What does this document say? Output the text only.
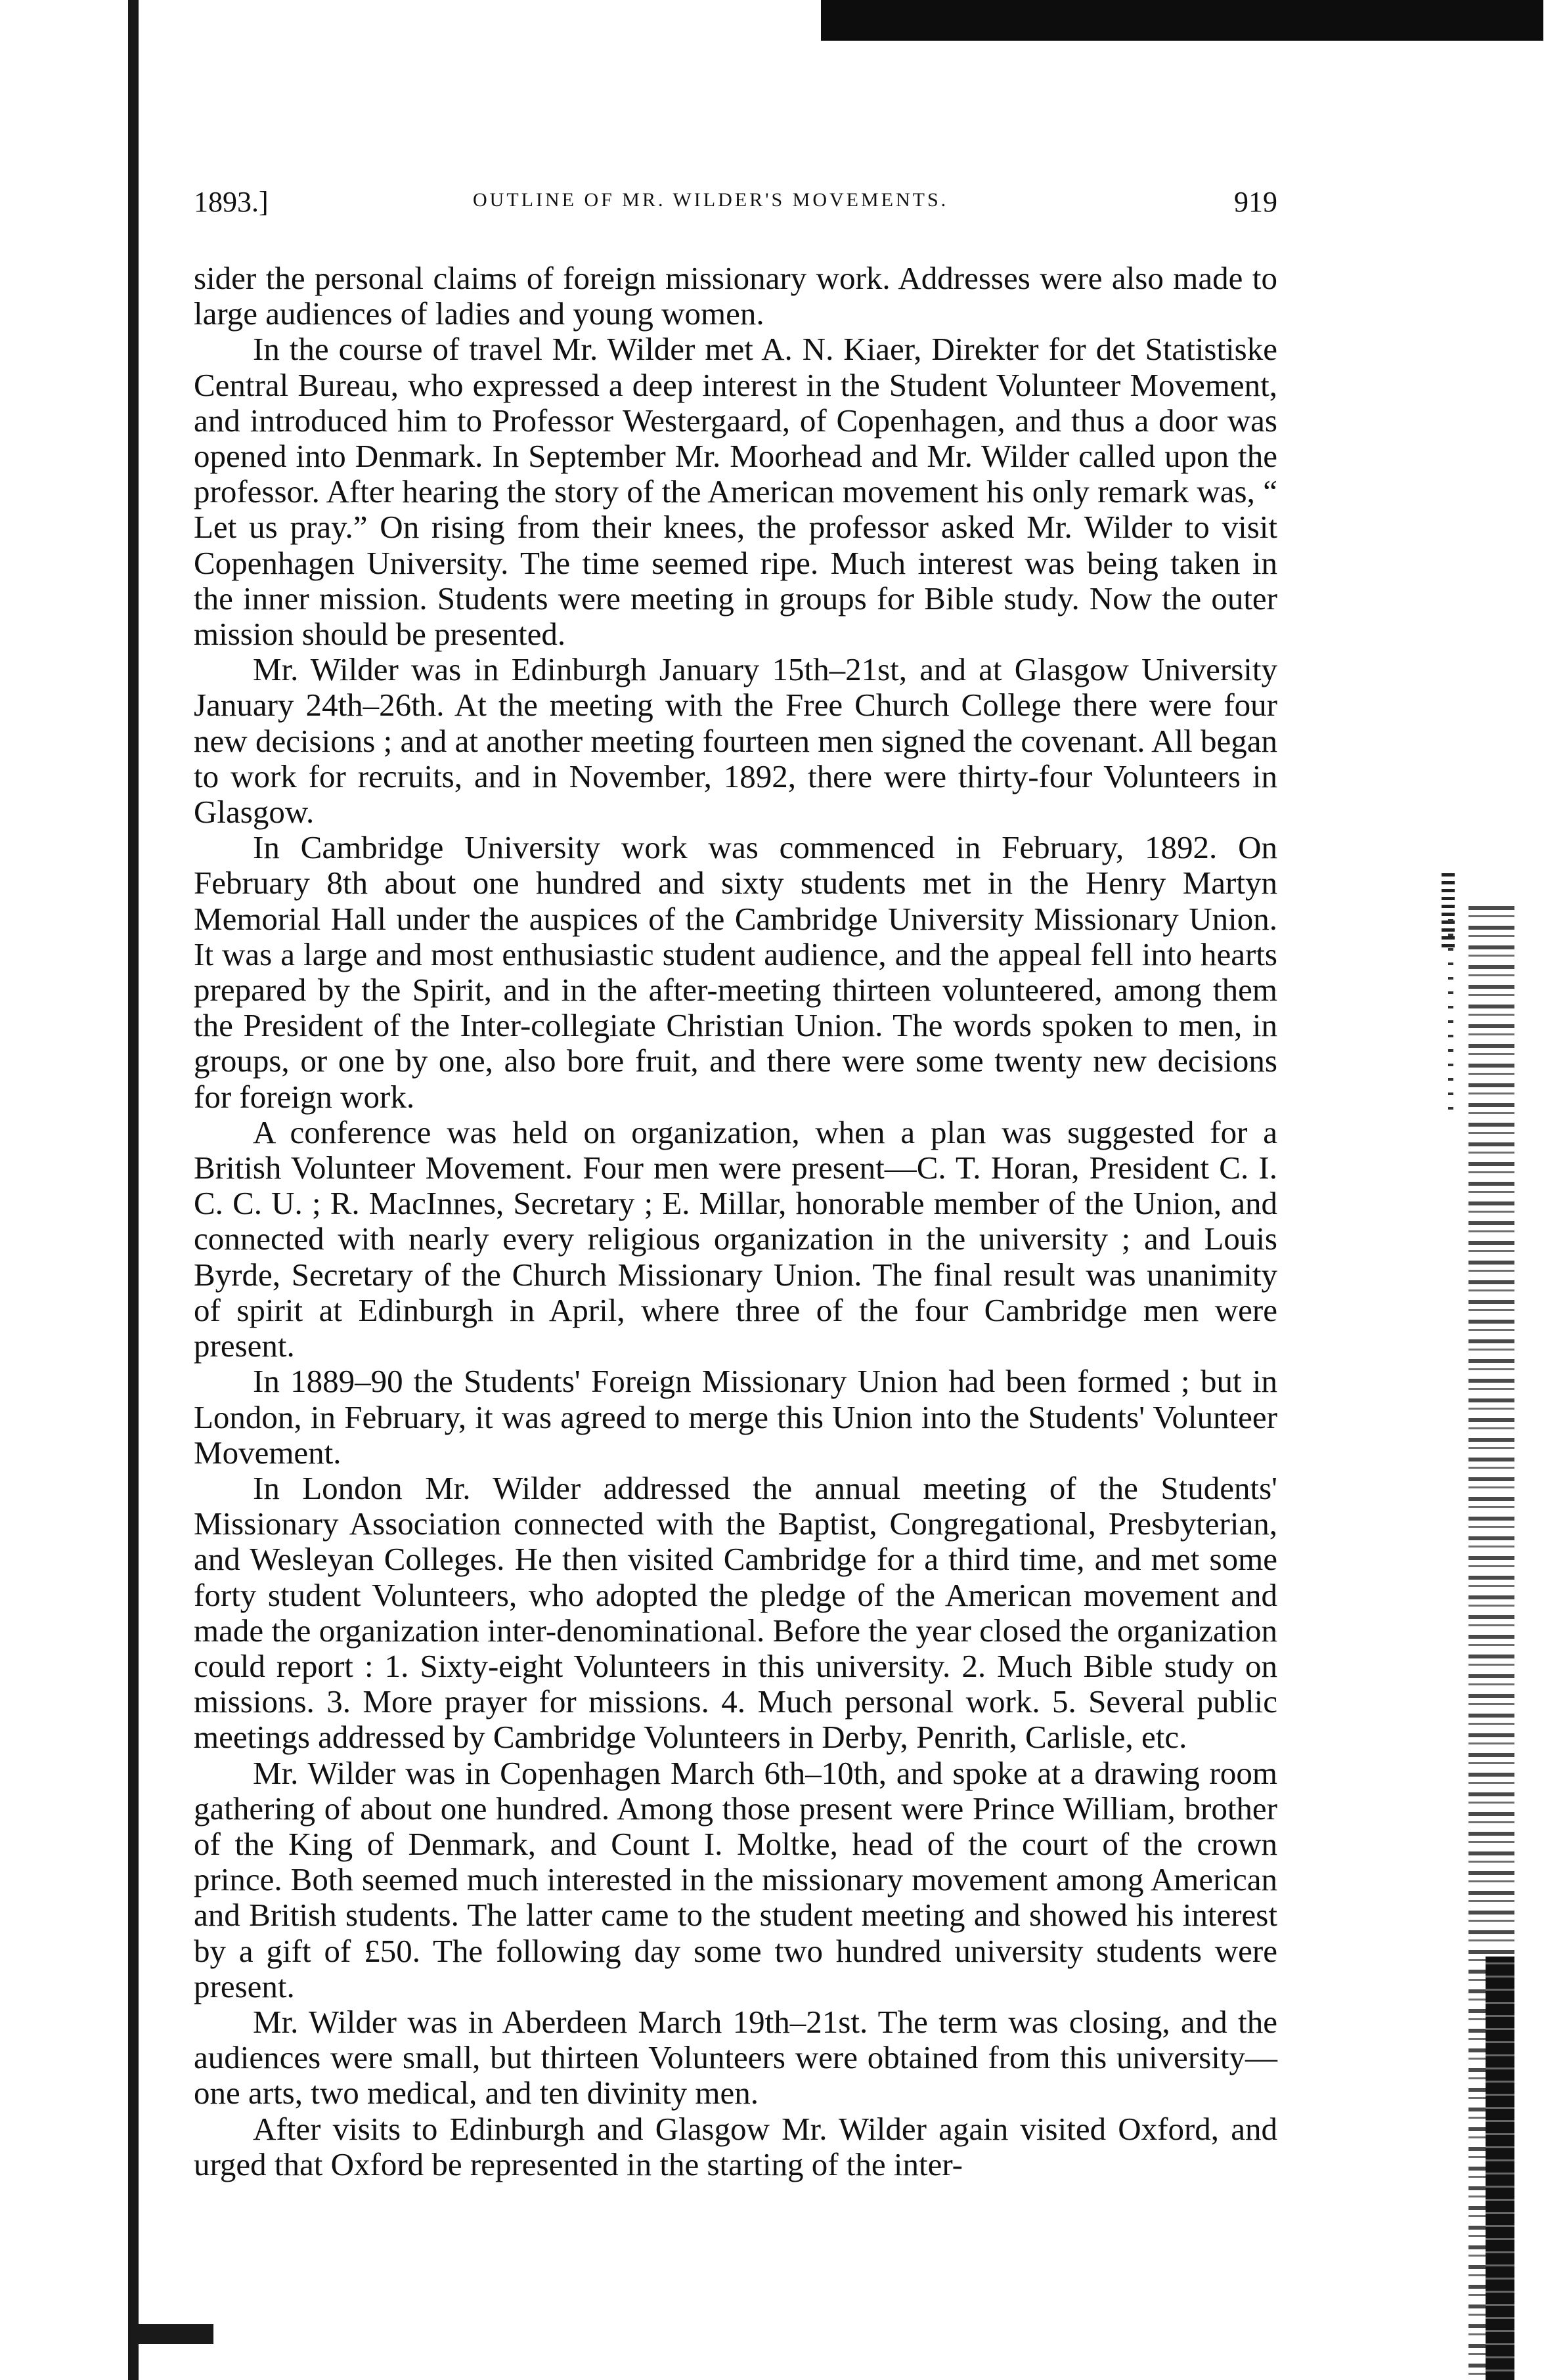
1893.]	OUTLINE OF MR. WILDER'S MOVEMENTS.	919

sider the personal claims of foreign missionary work. Addresses were also made to large audiences of ladies and young women.

In the course of travel Mr. Wilder met A. N. Kiaer, Direkter for det Statistiske Central Bureau, who expressed a deep interest in the Student Volunteer Movement, and introduced him to Professor Westergaard, of Copenhagen, and thus a door was opened into Denmark. In September Mr. Moorhead and Mr. Wilder called upon the professor. After hearing the story of the American movement his only remark was, “ Let us pray.” On rising from their knees, the professor asked Mr. Wilder to visit Copenhagen University. The time seemed ripe. Much interest was being taken in the inner mission. Students were meeting in groups for Bible study. Now the outer mission should be presented.

Mr. Wilder was in Edinburgh January 15th–21st, and at Glasgow University January 24th–26th. At the meeting with the Free Church College there were four new decisions ; and at another meeting fourteen men signed the covenant. All began to work for recruits, and in November, 1892, there were thirty-four Volunteers in Glasgow.

In Cambridge University work was commenced in February, 1892. On February 8th about one hundred and sixty students met in the Henry Martyn Memorial Hall under the auspices of the Cambridge University Missionary Union. It was a large and most enthusiastic student audience, and the appeal fell into hearts prepared by the Spirit, and in the after-meeting thirteen volunteered, among them the President of the Inter-collegiate Christian Union. The words spoken to men, in groups, or one by one, also bore fruit, and there were some twenty new decisions for foreign work.

A conference was held on organization, when a plan was suggested for a British Volunteer Movement. Four men were present—C. T. Horan, President C. I. C. C. U. ; R. MacInnes, Secretary ; E. Millar, honorable member of the Union, and connected with nearly every religious organization in the university ; and Louis Byrde, Secretary of the Church Missionary Union. The final result was unanimity of spirit at Edinburgh in April, where three of the four Cambridge men were present.

In 1889–90 the Students' Foreign Missionary Union had been formed ; but in London, in February, it was agreed to merge this Union into the Students' Volunteer Movement.

In London Mr. Wilder addressed the annual meeting of the Students' Missionary Association connected with the Baptist, Congregational, Presbyterian, and Wesleyan Colleges. He then visited Cambridge for a third time, and met some forty student Volunteers, who adopted the pledge of the American movement and made the organization inter-denominational. Before the year closed the organization could report : 1. Sixty-eight Volunteers in this university. 2. Much Bible study on missions. 3. More prayer for missions. 4. Much personal work. 5. Several public meetings addressed by Cambridge Volunteers in Derby, Penrith, Carlisle, etc.

Mr. Wilder was in Copenhagen March 6th–10th, and spoke at a drawing room gathering of about one hundred. Among those present were Prince William, brother of the King of Denmark, and Count I. Moltke, head of the court of the crown prince. Both seemed much interested in the missionary movement among American and British students. The latter came to the student meeting and showed his interest by a gift of £50. The following day some two hundred university students were present.

Mr. Wilder was in Aberdeen March 19th–21st. The term was closing, and the audiences were small, but thirteen Volunteers were obtained from this university—one arts, two medical, and ten divinity men.

After visits to Edinburgh and Glasgow Mr. Wilder again visited Oxford, and urged that Oxford be represented in the starting of the inter-
